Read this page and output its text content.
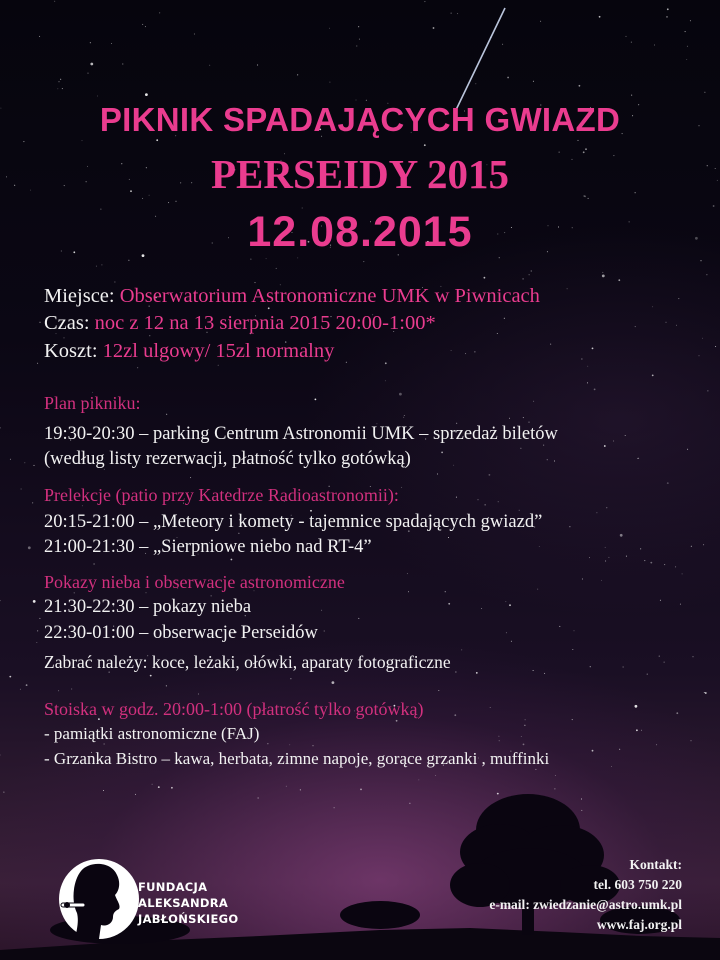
PIKNIK SPADAJĄCYCH GWIAZD
PERSEIDY 2015
12.08.2015
Miejsce: Obserwatorium Astronomiczne UMK w Piwnicach
Czas: noc z 12 na 13 sierpnia 2015 20:00-1:00*
Koszt: 12zl ulgowy/ 15zl normalny
Plan pikniku:
19:30-20:30 – parking Centrum Astronomii UMK – sprzedaż biletów
(według listy rezerwacji, płatność tylko gotówką)
Prelekcje (patio przy Katedrze Radioastronomii):
20:15-21:00 – „Meteory i komety - tajemnice spadających gwiazd”
21:00-21:30 – „Sierpniowe niebo nad RT-4”
Pokazy nieba i obserwacje astronomiczne
21:30-22:30 – pokazy nieba
22:30-01:00 – obserwacje Perseidów
Zabrać należy: koce, leżaki, ołówki, aparaty fotograficzne
Stoiska w godz. 20:00-1:00 (płatrość tylko gotówką)
- pamiątki astronomiczne (FAJ)
- Grzanka Bistro – kawa, herbata, zimne napoje, gorące grzanki , muffinki
FUNDACJA
ALEKSANDRA
JABŁOŃSKIEGO
Kontakt:
tel. 603 750 220
e-mail: zwiedzanie@astro.umk.pl
www.faj.org.pl
